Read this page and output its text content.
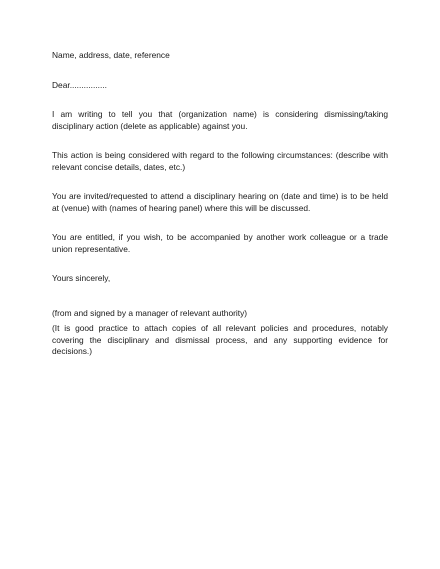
Name, address, date, reference

Dear................

I am writing to tell you that (organization name) is considering dismissing/taking disciplinary action (delete as applicable) against you.

This action is being considered with regard to the following circumstances: (describe with relevant concise details, dates, etc.)

You are invited/requested to attend a disciplinary hearing on (date and time) is to be held at (venue) with (names of hearing panel) where this will be discussed.

You are entitled, if you wish, to be accompanied by another work colleague or a trade union representative.

Yours sincerely,

(from and signed by a manager of relevant authority)

(It is good practice to attach copies of all relevant policies and procedures, notably covering the disciplinary and dismissal process, and any supporting evidence for decisions.)
